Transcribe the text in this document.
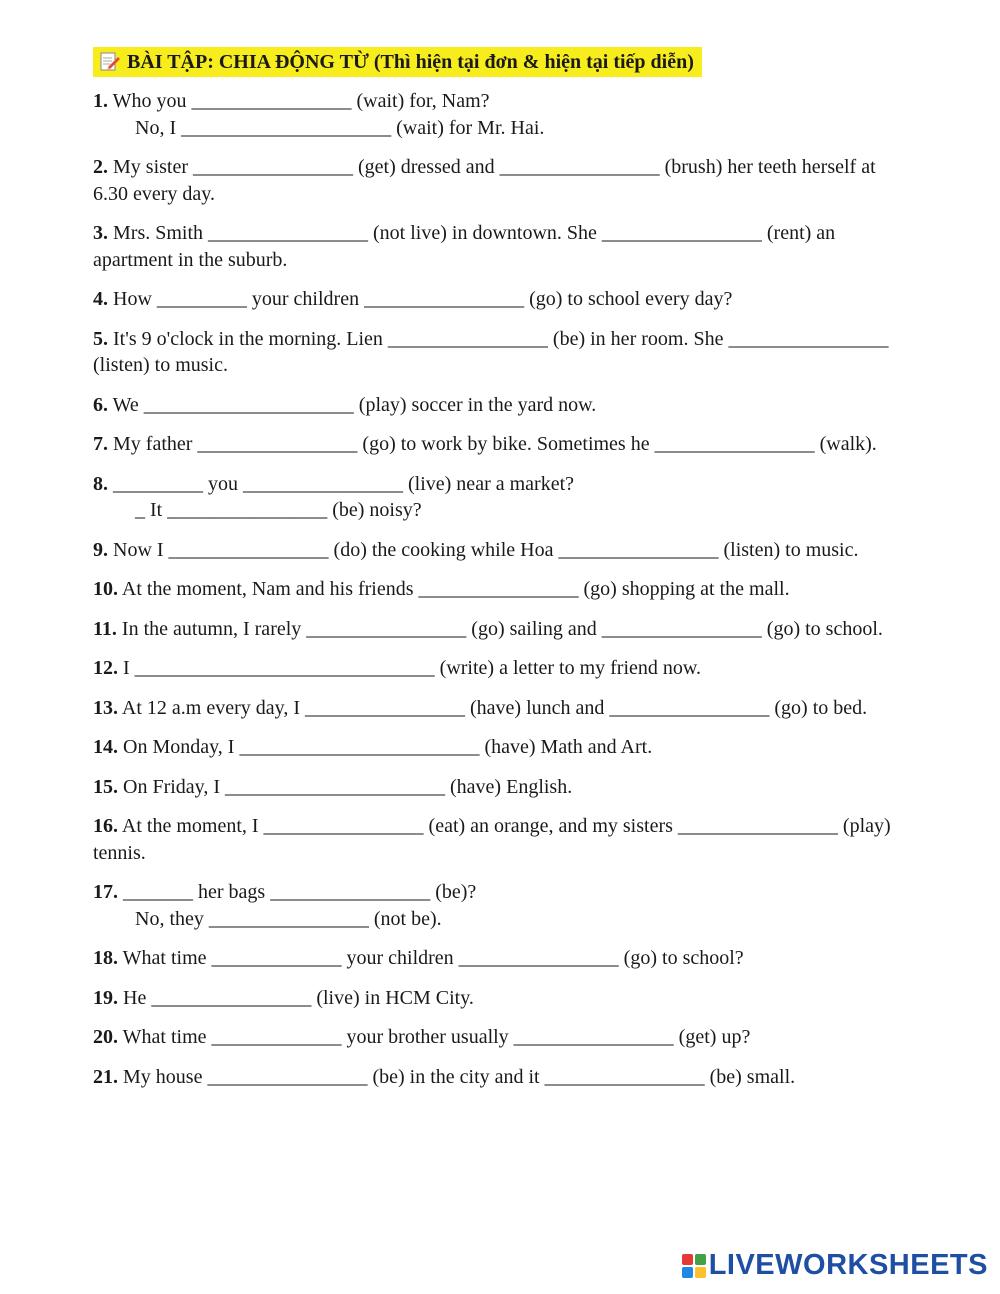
BÀI TẬP: CHIA ĐỘNG TỪ (Thì hiện tại đơn & hiện tại tiếp diễn)
1. Who you ________________ (wait) for, Nam?
No, I _____________________ (wait) for Mr. Hai.
2. My sister ________________ (get) dressed and ________________ (brush) her teeth herself at 6.30 every day.
3. Mrs. Smith ________________ (not live) in downtown. She ________________ (rent) an apartment in the suburb.
4. How _________ your children ________________ (go) to school every day?
5. It's 9 o'clock in the morning. Lien ________________ (be) in her room. She ________________ (listen) to music.
6. We _____________________ (play) soccer in the yard now.
7. My father ________________ (go) to work by bike. Sometimes he ________________ (walk).
8. _________ you ________________ (live) near a market?
_ It ________________ (be) noisy?
9. Now I ________________ (do) the cooking while Hoa ________________ (listen) to music.
10. At the moment, Nam and his friends ________________ (go) shopping at the mall.
11. In the autumn, I rarely ________________ (go) sailing and ________________ (go) to school.
12. I ______________________________ (write) a letter to my friend now.
13. At 12 a.m every day, I ________________ (have) lunch and ________________ (go) to bed.
14. On Monday, I ________________________ (have) Math and Art.
15. On Friday, I ______________________ (have) English.
16. At the moment, I ________________ (eat) an orange, and my sisters ________________ (play) tennis.
17. _______ her bags ________________ (be)?
No, they ________________ (not be).
18. What time _____________ your children ________________ (go) to school?
19. He ________________ (live) in HCM City.
20. What time _____________ your brother usually ________________ (get) up?
21. My house ________________ (be) in the city and it ________________ (be) small.
LIVEWORKSHEETS
